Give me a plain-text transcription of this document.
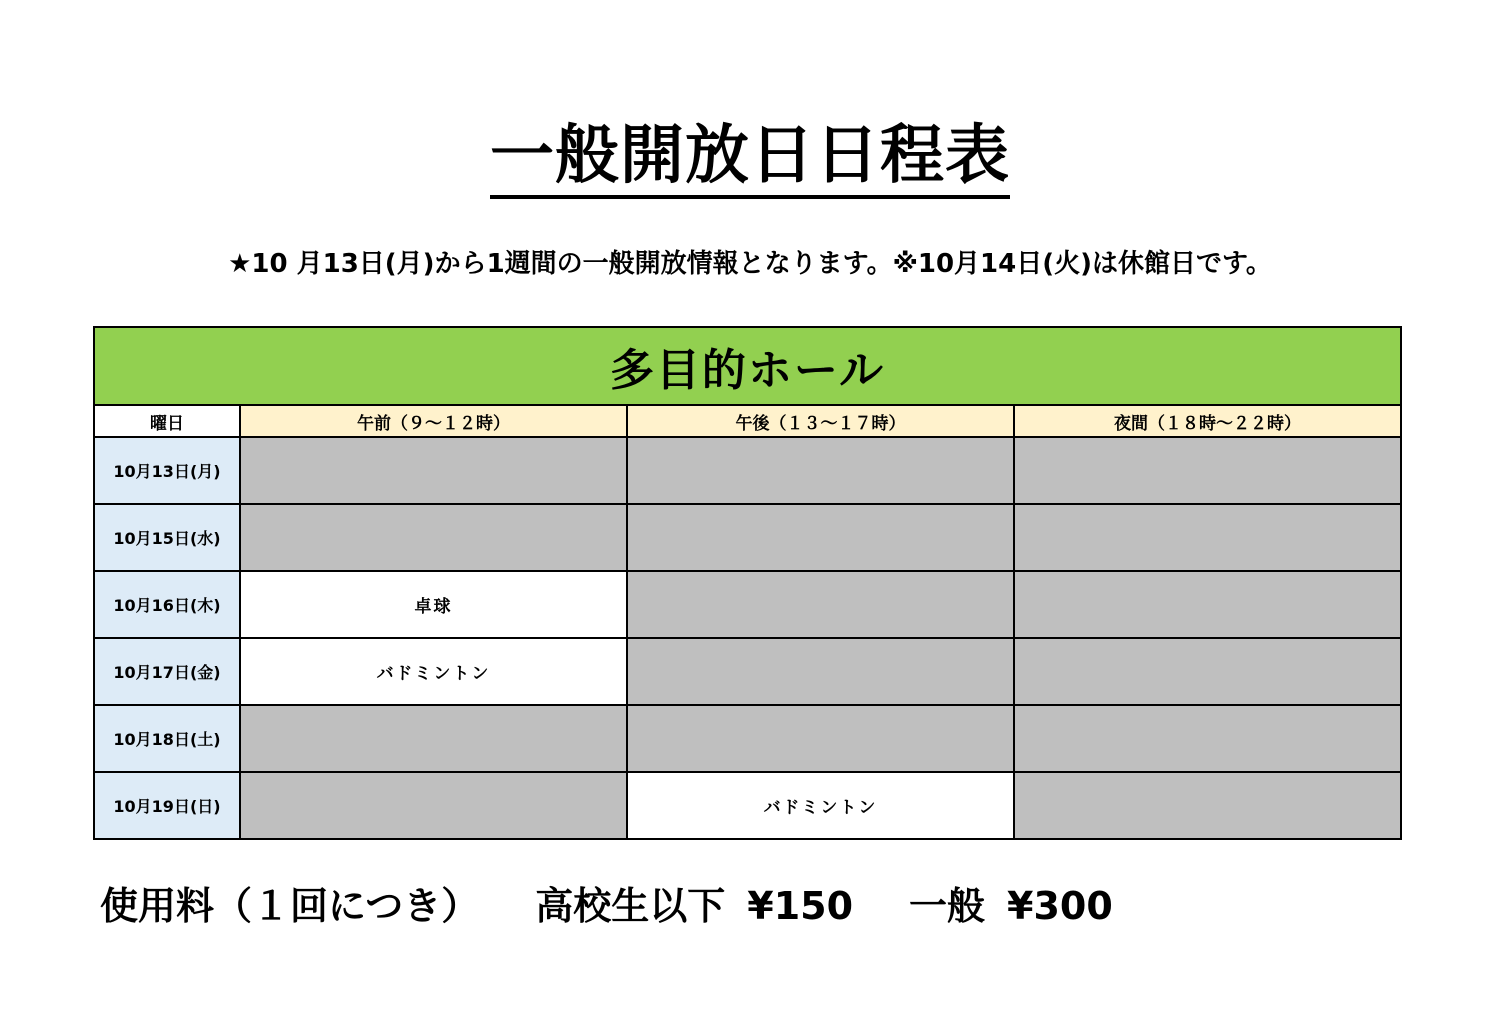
一般開放日日程表
★10 月13日(月)から1週間の一般開放情報となります。※10月14日(火)は休館日です。
多目的ホール			
曜日	午前（９～１２時）	午後（１３～１７時）	夜間（１８時～２２時）
10月13日(月)			
10月15日(水)			
10月16日(木)	卓球		
10月17日(金)	バドミントン		
10月18日(土)			
10月19日(日)		バドミントン	
使用料（１回につき） 高校生以下 ¥150 一般 ¥300
